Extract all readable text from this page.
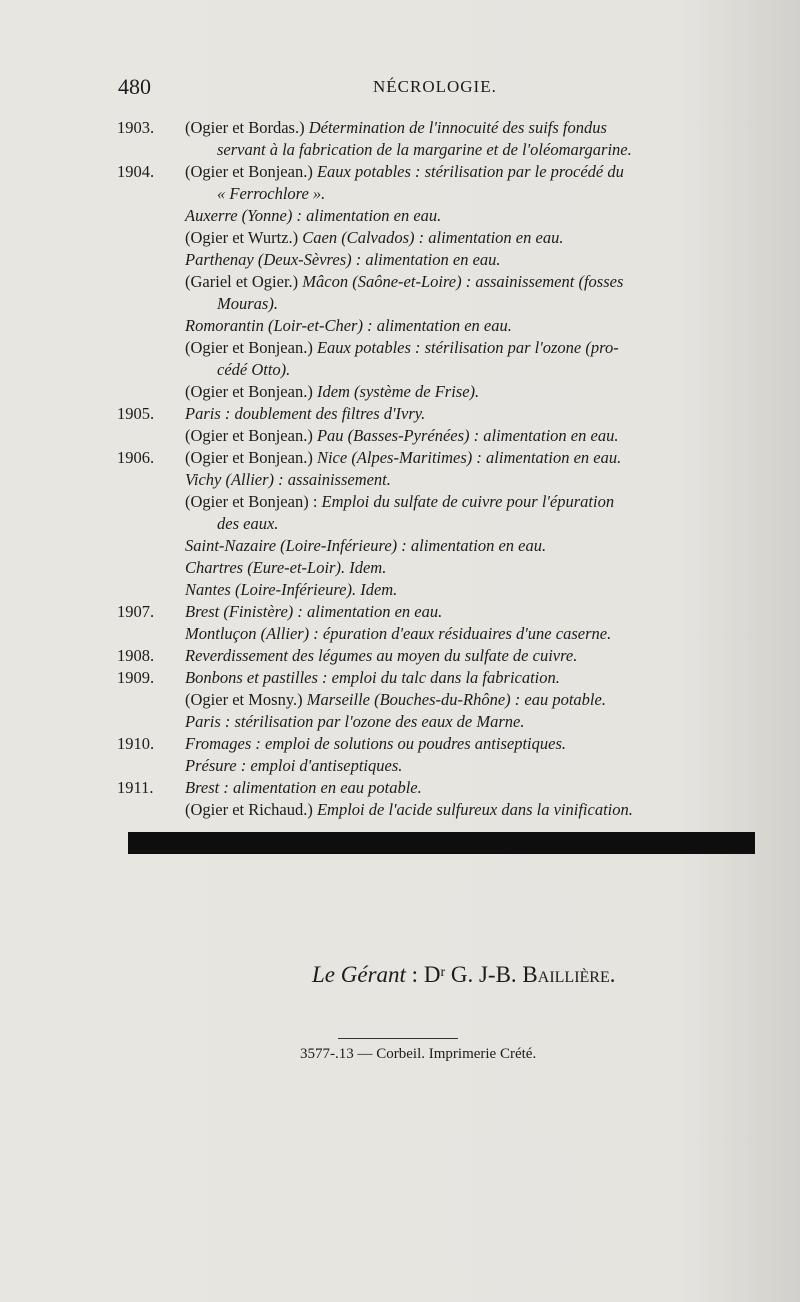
480	NÉCROLOGIE.
1903. (Ogier et Bordas.) Détermination de l'innocuité des suifs fondus
servant à la fabrication de la margarine et de l'oléomargarine.
1904. (Ogier et Bonjean.) Eaux potables : stérilisation par le procédé du
« Ferrochlore ».
Auxerre (Yonne) : alimentation en eau.
(Ogier et Wurtz.) Caen (Calvados) : alimentation en eau.
Parthenay (Deux-Sèvres) : alimentation en eau.
(Gariel et Ogier.) Mâcon (Saône-et-Loire) : assainissement (fosses
Mouras).
Romorantin (Loir-et-Cher) : alimentation en eau.
(Ogier et Bonjean.) Eaux potables : stérilisation par l'ozone (pro-
cédé Otto).
(Ogier et Bonjean.) Idem (système de Frise).
1905. Paris : doublement des filtres d'Ivry.
(Ogier et Bonjean.) Pau (Basses-Pyrénées) : alimentation en eau.
1906. (Ogier et Bonjean.) Nice (Alpes-Maritimes) : alimentation en eau.
Vichy (Allier) : assainissement.
(Ogier et Bonjean) : Emploi du sulfate de cuivre pour l'épuration
des eaux.
Saint-Nazaire (Loire-Inférieure) : alimentation en eau.
Chartres (Eure-et-Loir). Idem.
Nantes (Loire-Inférieure). Idem.
1907. Brest (Finistère) : alimentation en eau.
Montluçon (Allier) : épuration d'eaux résiduaires d'une caserne.
1908. Reverdissement des légumes au moyen du sulfate de cuivre.
1909. Bonbons et pastilles : emploi du talc dans la fabrication.
(Ogier et Mosny.) Marseille (Bouches-du-Rhône) : eau potable.
Paris : stérilisation par l'ozone des eaux de Marne.
1910. Fromages : emploi de solutions ou poudres antiseptiques.
Présure : emploi d'antiseptiques.
1911. Brest : alimentation en eau potable.
(Ogier et Richaud.) Emploi de l'acide sulfureux dans la vinification.
Le Gérant : $D^r$ G. J-B. Baillière.
3577-.13 — Corbeil. Imprimerie Crété.
